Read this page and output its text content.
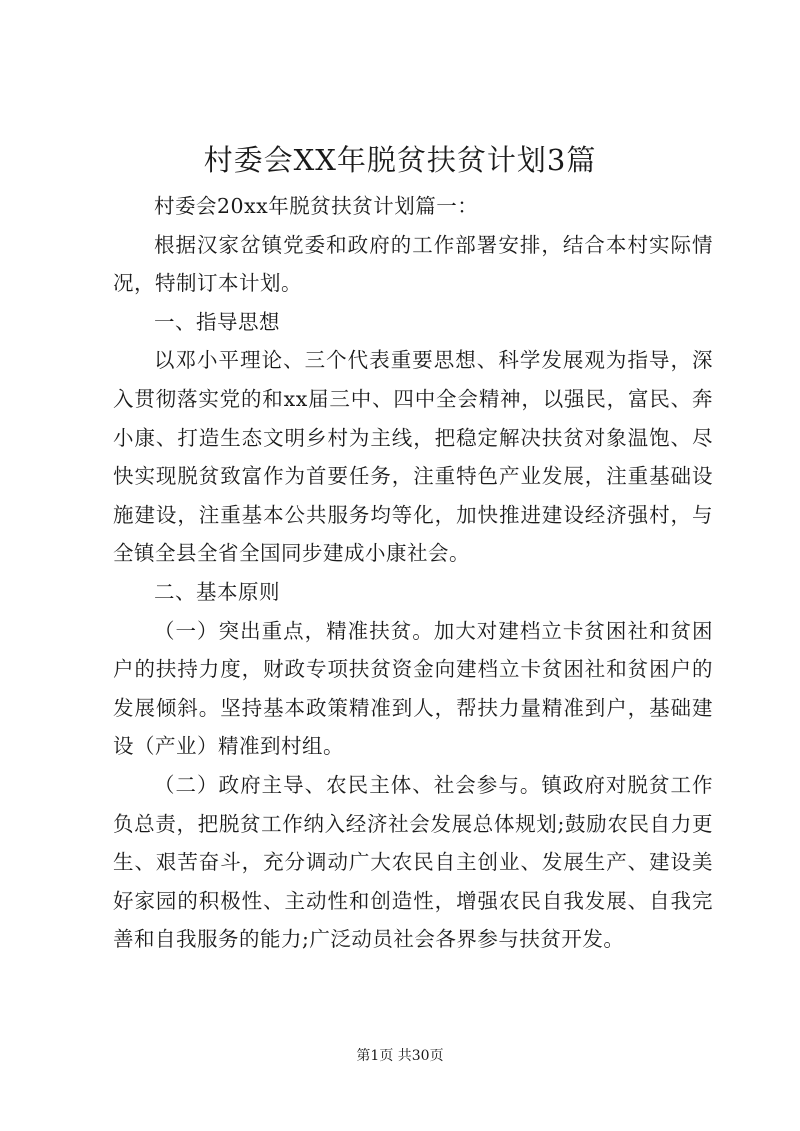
村委会XX年脱贫扶贫计划3篇

村委会20xx年脱贫扶贫计划篇一：

根据汉家岔镇党委和政府的工作部署安排，结合本村实际情况，特制订本计划。

一、指导思想

以邓小平理论、三个代表重要思想、科学发展观为指导，深入贯彻落实党的和xx届三中、四中全会精神，以强民，富民、奔小康、打造生态文明乡村为主线，把稳定解决扶贫对象温饱、尽快实现脱贫致富作为首要任务，注重特色产业发展，注重基础设施建设，注重基本公共服务均等化，加快推进建设经济强村，与全镇全县全省全国同步建成小康社会。

二、基本原则

（一）突出重点，精准扶贫。加大对建档立卡贫困社和贫困户的扶持力度，财政专项扶贫资金向建档立卡贫困社和贫困户的发展倾斜。坚持基本政策精准到人，帮扶力量精准到户，基础建设（产业）精准到村组。

（二）政府主导、农民主体、社会参与。镇政府对脱贫工作负总责，把脱贫工作纳入经济社会发展总体规划;鼓励农民自力更生、艰苦奋斗，充分调动广大农民自主创业、发展生产、建设美好家园的积极性、主动性和创造性，增强农民自我发展、自我完善和自我服务的能力;广泛动员社会各界参与扶贫开发。

第1页 共30页
